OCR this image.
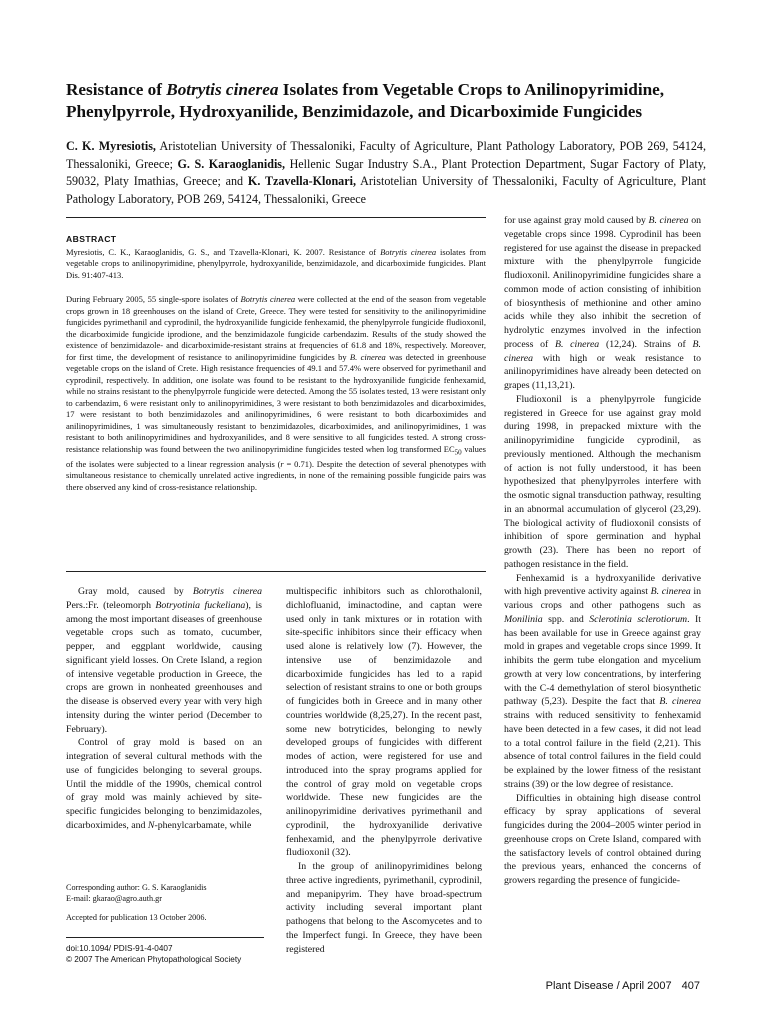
Resistance of Botrytis cinerea Isolates from Vegetable Crops to Anilinopyrimidine, Phenylpyrrole, Hydroxyanilide, Benzimidazole, and Dicarboximide Fungicides
C. K. Myresiotis, Aristotelian University of Thessaloniki, Faculty of Agriculture, Plant Pathology Laboratory, POB 269, 54124, Thessaloniki, Greece; G. S. Karaoglanidis, Hellenic Sugar Industry S.A., Plant Protection Department, Sugar Factory of Platy, 59032, Platy Imathias, Greece; and K. Tzavella-Klonari, Aristotelian University of Thessaloniki, Faculty of Agriculture, Plant Pathology Laboratory, POB 269, 54124, Thessaloniki, Greece
ABSTRACT
Myresiotis, C. K., Karaoglanidis, G. S., and Tzavella-Klonari, K. 2007. Resistance of Botrytis cinerea isolates from vegetable crops to anilinopyrimidine, phenylpyrrole, hydroxyanilide, benzimidazole, and dicarboximide fungicides. Plant Dis. 91:407-413.
During February 2005, 55 single-spore isolates of Botrytis cinerea were collected at the end of the season from vegetable crops grown in 18 greenhouses on the island of Crete, Greece. They were tested for sensitivity to the anilinopyrimidine fungicides pyrimethanil and cyprodinil, the hydroxyanilide fungicide fenhexamid, the phenylpyrrole fungicide fludioxonil, the dicarboximide fungicide iprodione, and the benzimidazole fungicide carbendazim. Results of the study showed the existence of benzimidazole- and dicarboximide-resistant strains at frequencies of 61.8 and 18%, respectively. Moreover, for first time, the development of resistance to anilinopyrimidine fungicides by B. cinerea was detected in greenhouse vegetable crops on the island of Crete. High resistance frequencies of 49.1 and 57.4% were observed for pyrimethanil and cyprodinil, respectively. In addition, one isolate was found to be resistant to the hydroxyanilide fungicide fenhexamid, while no strains resistant to the phenylpyrrole fungicide were detected. Among the 55 isolates tested, 13 were resistant only to carbendazim, 6 were resistant only to anilinopyrimidines, 3 were resistant to both benzimidazoles and dicarboximides, 17 were resistant to both benzimidazoles and anilinopyrimidines, 6 were resistant to both dicarboximides and anilinopyrimidines, 1 was simultaneously resistant to benzimidazoles, dicarboximides, and anilinopyrimidines, 1 was resistant to both anilinopyrimidines and hydroxyanilides, and 8 were sensitive to all fungicides tested. A strong cross-resistance relationship was found between the two anilinopyrimidine fungicides tested when log transformed $EC_{50}$ values of the isolates were subjected to a linear regression analysis (r = 0.71). Despite the detection of several phenotypes with simultaneous resistance to chemically unrelated active ingredients, in none of the remaining possible fungicide pairs was there observed any kind of cross-resistance relationship.

Gray mold, caused by Botrytis cinerea Pers.:Fr. (teleomorph Botryotinia fuckeliana), is among the most important diseases of greenhouse vegetable crops such as tomato, cucumber, pepper, and eggplant worldwide, causing significant yield losses. On Crete Island, a region of intensive vegetable production in Greece, the crops are grown in nonheated greenhouses and the disease is observed every year with very high intensity during the winter period (December to February).

Control of gray mold is based on an integration of several cultural methods with the use of fungicides belonging to several groups. Until the middle of the 1990s, chemical control of gray mold was mainly achieved by site-specific fungicides belonging to benzimidazoles, dicarboximides, and N-phenylcarbamate, while

multispecific inhibitors such as chlorothalonil, dichlofluanid, iminactodine, and captan were used only in tank mixtures or in rotation with site-specific inhibitors since their efficacy when used alone is relatively low (7). However, the intensive use of benzimidazole and dicarboximide fungicides has led to a rapid selection of resistant strains to one or both groups of fungicides both in Greece and in many other countries worldwide (8,25,27). In the recent past, some new botryticides, belonging to newly developed groups of fungicides with different modes of action, were registered for use and introduced into the spray programs applied for the control of gray mold on vegetable crops worldwide. These new fungicides are the anilinopyrimidine derivatives pyrimethanil and cyprodinil, the hydroxyanilide derivative fenhexamid, and the phenylpyrrole derivative fludioxonil (32).

In the group of anilinopyrimidines belong three active ingredients, pyrimethanil, cyprodinil, and mepanipyrim. They have broad-spectrum activity including several important plant pathogens that belong to the Ascomycetes and to the Imperfect fungi. In Greece, they have been registered

for use against gray mold caused by B. cinerea on vegetable crops since 1998. Cyprodinil has been registered for use against the disease in prepacked mixture with the phenylpyrrole fungicide fludioxonil. Anilinopyrimidine fungicides share a common mode of action consisting of inhibition of biosynthesis of methionine and other amino acids while they also inhibit the secretion of hydrolytic enzymes involved in the infection process of B. cinerea (12,24). Strains of B. cinerea with high or weak resistance to anilinopyrimidines have already been detected on grapes (11,13,21).

Fludioxonil is a phenylpyrrole fungicide registered in Greece for use against gray mold during 1998, in prepacked mixture with the anilinopyrimidine fungicide cyprodinil, as previously mentioned. Although the mechanism of action is not fully understood, it has been hypothesized that phenylpyrroles interfere with the osmotic signal transduction pathway, resulting in an abnormal accumulation of glycerol (23,29). The biological activity of fludioxonil consists of inhibition of spore germination and hyphal growth (23). There has been no report of pathogen resistance in the field.

Fenhexamid is a hydroxyanilide derivative with high preventive activity against B. cinerea in various crops and other pathogens such as Monilinia spp. and Sclerotinia sclerotiorum. It has been available for use in Greece against gray mold in grapes and vegetable crops since 1999. It inhibits the germ tube elongation and mycelium growth at very low concentrations, by interfering with the C-4 demethylation of sterol biosynthetic pathway (5,23). Despite the fact that B. cinerea strains with reduced sensitivity to fenhexamid have been detected in a few cases, it did not lead to a total control failure in the field (2,21). This absence of total control failures in the field could be explained by the lower fitness of the resistant strains (39) or the low degree of resistance.

Difficulties in obtaining high disease control efficacy by spray applications of several fungicides during the 2004–2005 winter period in greenhouse crops on Crete Island, compared with the satisfactory levels of control obtained during the previous years, enhanced the concerns of growers regarding the presence of fungicide-

Corresponding author: G. S. Karaoglanidis
E-mail: gkarao@agro.auth.gr
Accepted for publication 13 October 2006.
doi:10.1094/ PDIS-91-4-0407
© 2007 The American Phytopathological Society
Plant Disease / April 2007 407
